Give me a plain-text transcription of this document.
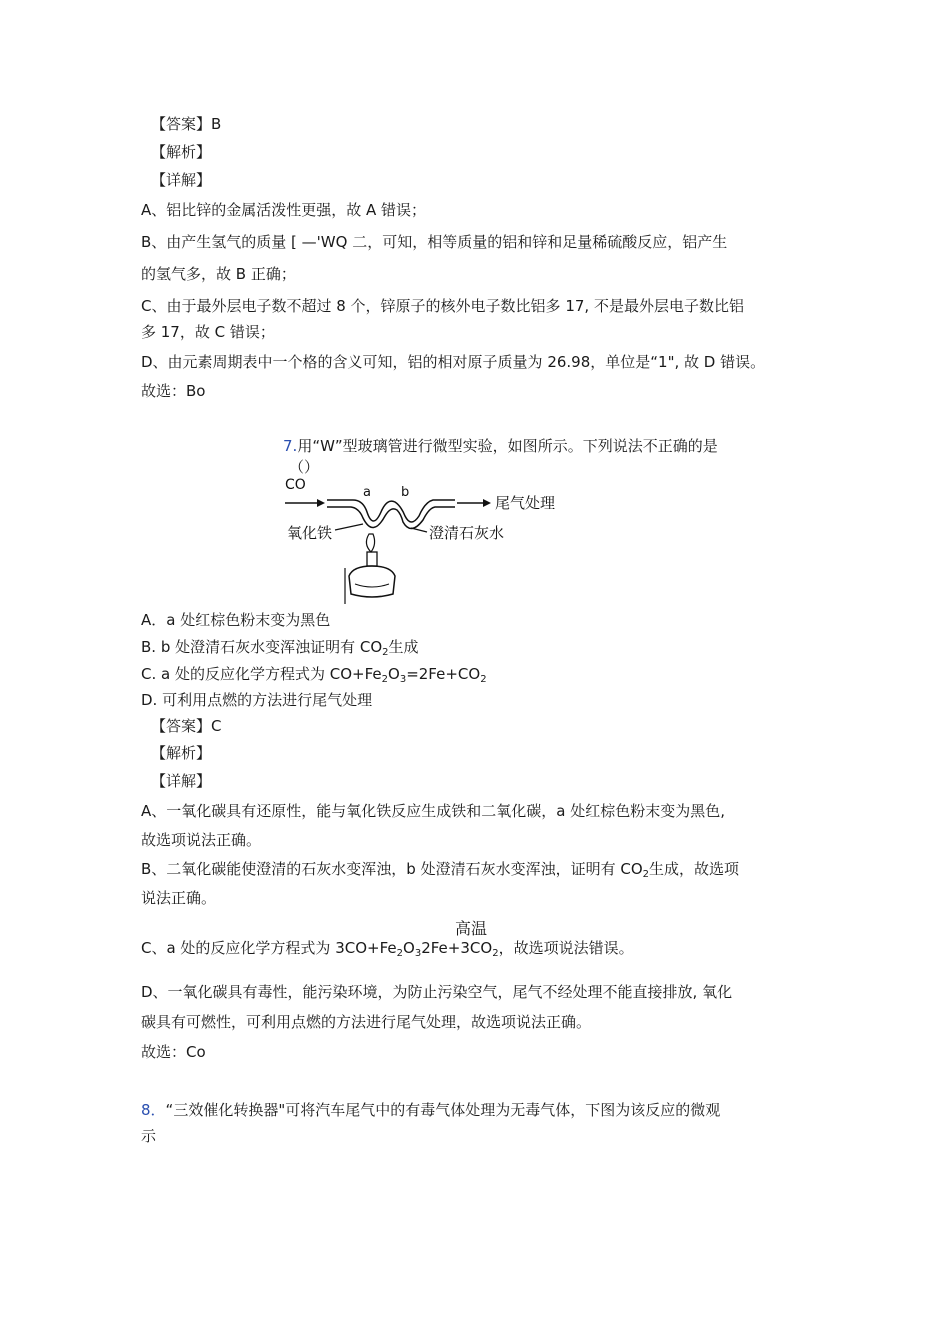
【答案】B
【解析】
【详解】
A、铝比锌的金属活泼性更强，故 A 错误；
B、由产生氢气的质量 [ —'WQ 二，可知，相等质量的铝和锌和足量稀硫酸反应，铝产生
的氢气多，故 B 正确；
C、由于最外层电子数不超过 8 个，锌原子的核外电子数比铝多 17, 不是最外层电子数比铝
多 17，故 C 错误；
D、由元素周期表中一个格的含义可知，铝的相对原子质量为 26.98，单位是“1", 故 D 错误。
故选：Bo
7.用“W”型玻璃管进行微型实验，如图所示。下列说法不正确的是
（）
CO	a b
尾气处理
氧化铁	澄清石灰水
A．a 处红棕色粉末变为黑色
B. b 处澄清石灰水变浑浊证明有 $CO_2$生成
C. a 处的反应化学方程式为 $CO+Fe_2O_3=2Fe+CO_2$
D. 可利用点燃的方法进行尾气处理
【答案】C
【解析】
【详解】
A、一氧化碳具有还原性，能与氧化铁反应生成铁和二氧化碳，a 处红棕色粉末变为黑色,
故选项说法正确。
B、二氧化碳能使澄清的石灰水变浑浊，b 处澄清石灰水变浑浊，证明有 $CO_2$生成，故选项
说法正确。
高温
C、a 处的反应化学方程式为 $3CO+Fe_2O_32Fe+3CO_2$，故选项说法错误。
D、一氧化碳具有毒性，能污染环境，为防止污染空气，尾气不经处理不能直接排放, 氧化
碳具有可燃性，可利用点燃的方法进行尾气处理，故选项说法正确。
故选：Co
8．“三效催化转换器"可将汽车尾气中的有毒气体处理为无毒气体，下图为该反应的微观
示
